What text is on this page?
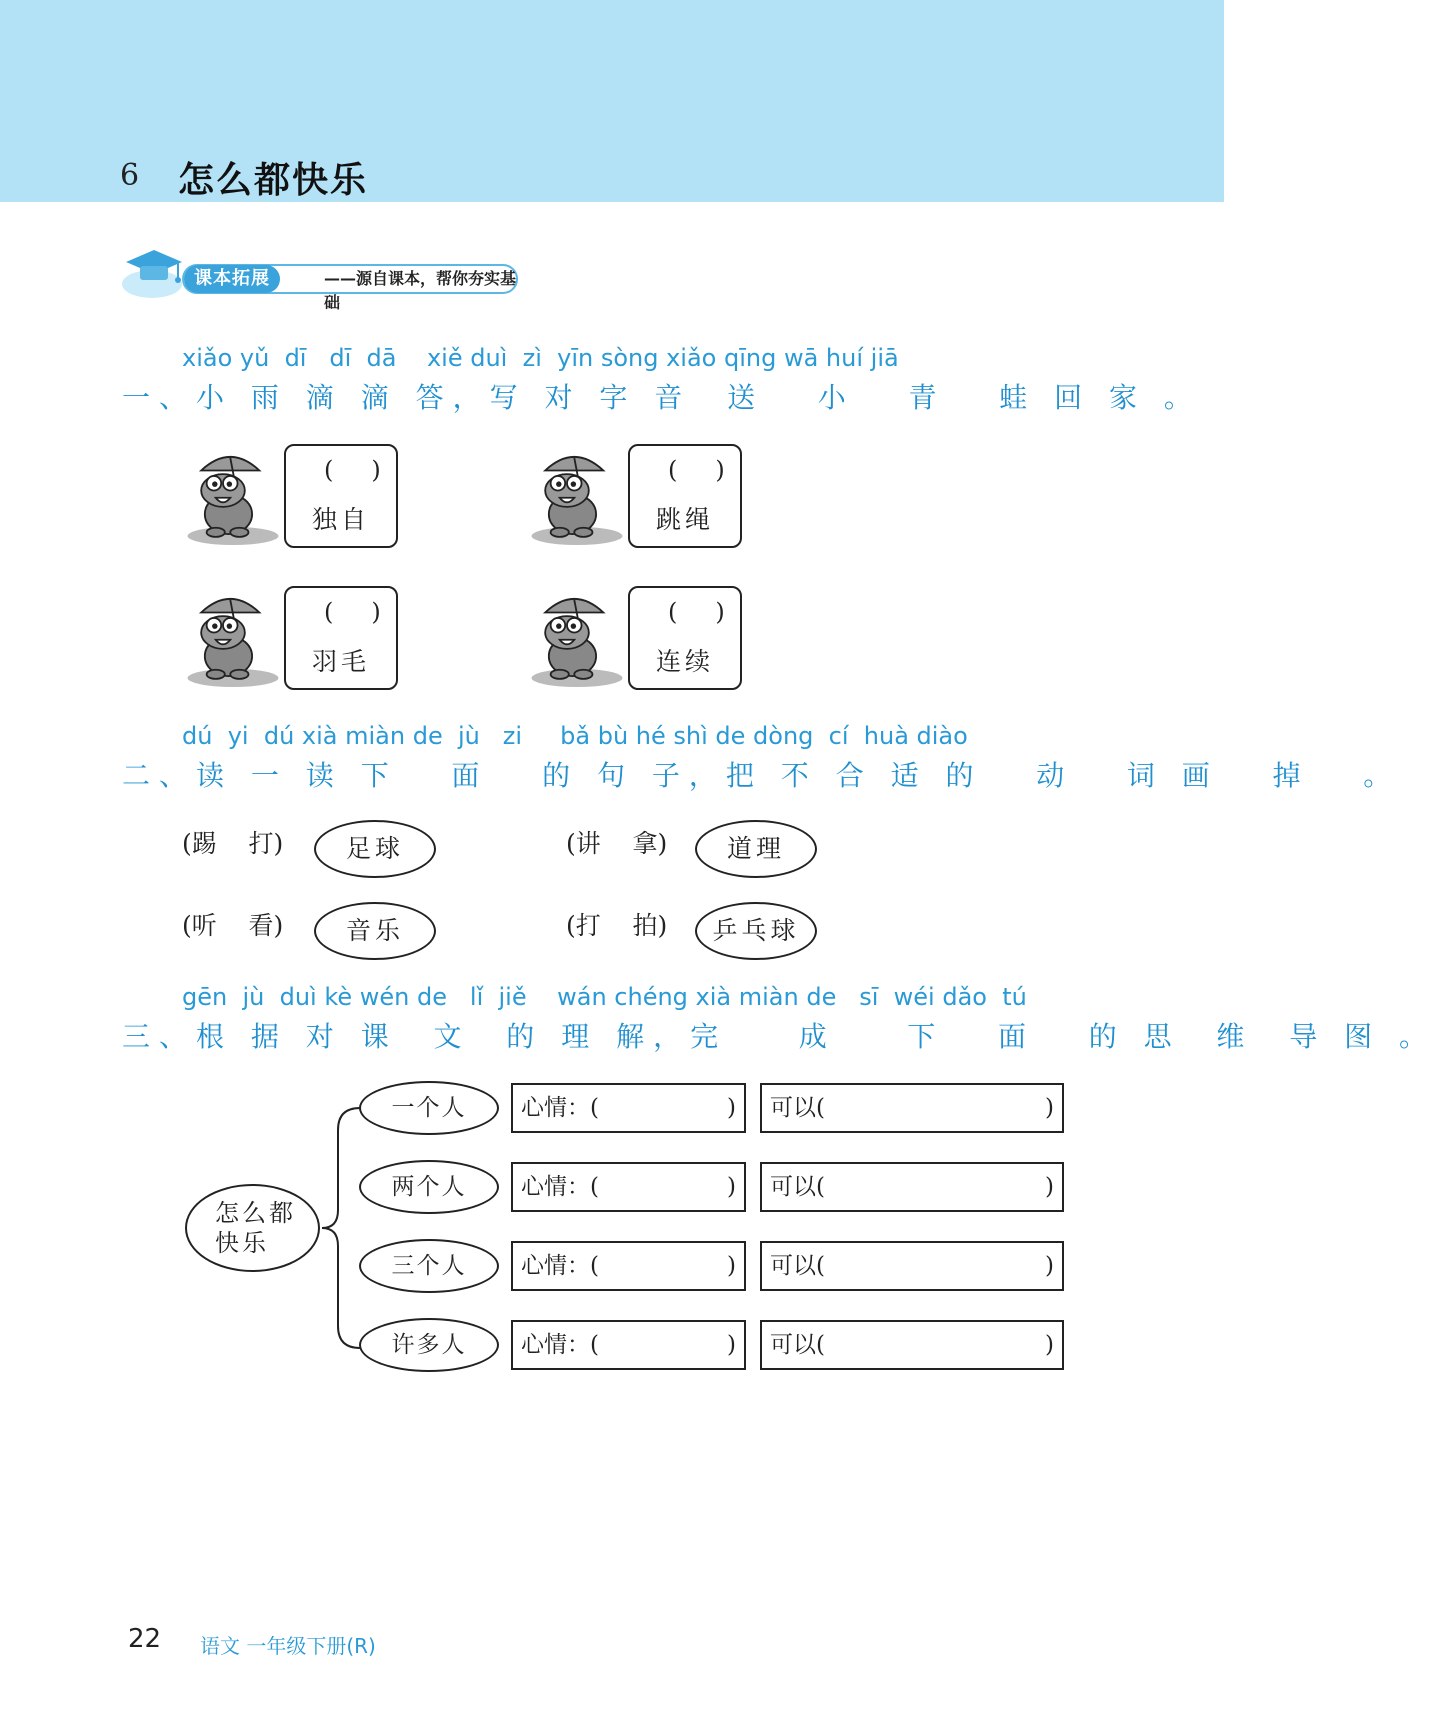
6 怎么都快乐
课本拓展	——源自课本，帮你夯实基础
xiǎo yǔ  dī   dī  dā    xiě duì  zì  yīn sòng xiǎo qīng wā huí jiā
一、小 雨 滴 滴 答，写 对 字 音  送   小   青   蛙 回 家 。
()
独自
()
跳绳
()
羽毛
()
连续
dú  yi  dú xià miàn de  jù   zi     bǎ bù hé shì de dòng  cí  huà diào
二、读 一 读 下   面   的 句 子，把 不 合 适 的   动   词 画   掉   。
(踢    打)	足球	(讲    拿)	道理
(听    看)	音乐	(打    拍)	乒乓球
gēn  jù  duì kè wén de   lǐ  jiě    wán chéng xià miàn de   sī  wéi dǎo  tú
三、根 据 对 课  文  的 理 解，完    成    下   面   的 思  维  导 图 。
怎么都
快乐
一个人	心情：(	)	可以(	)
两个人	心情：(	)	可以(	)
三个人	心情：(	)	可以(	)
许多人	心情：(	)	可以(	)
22 语文 一年级下册(R)
